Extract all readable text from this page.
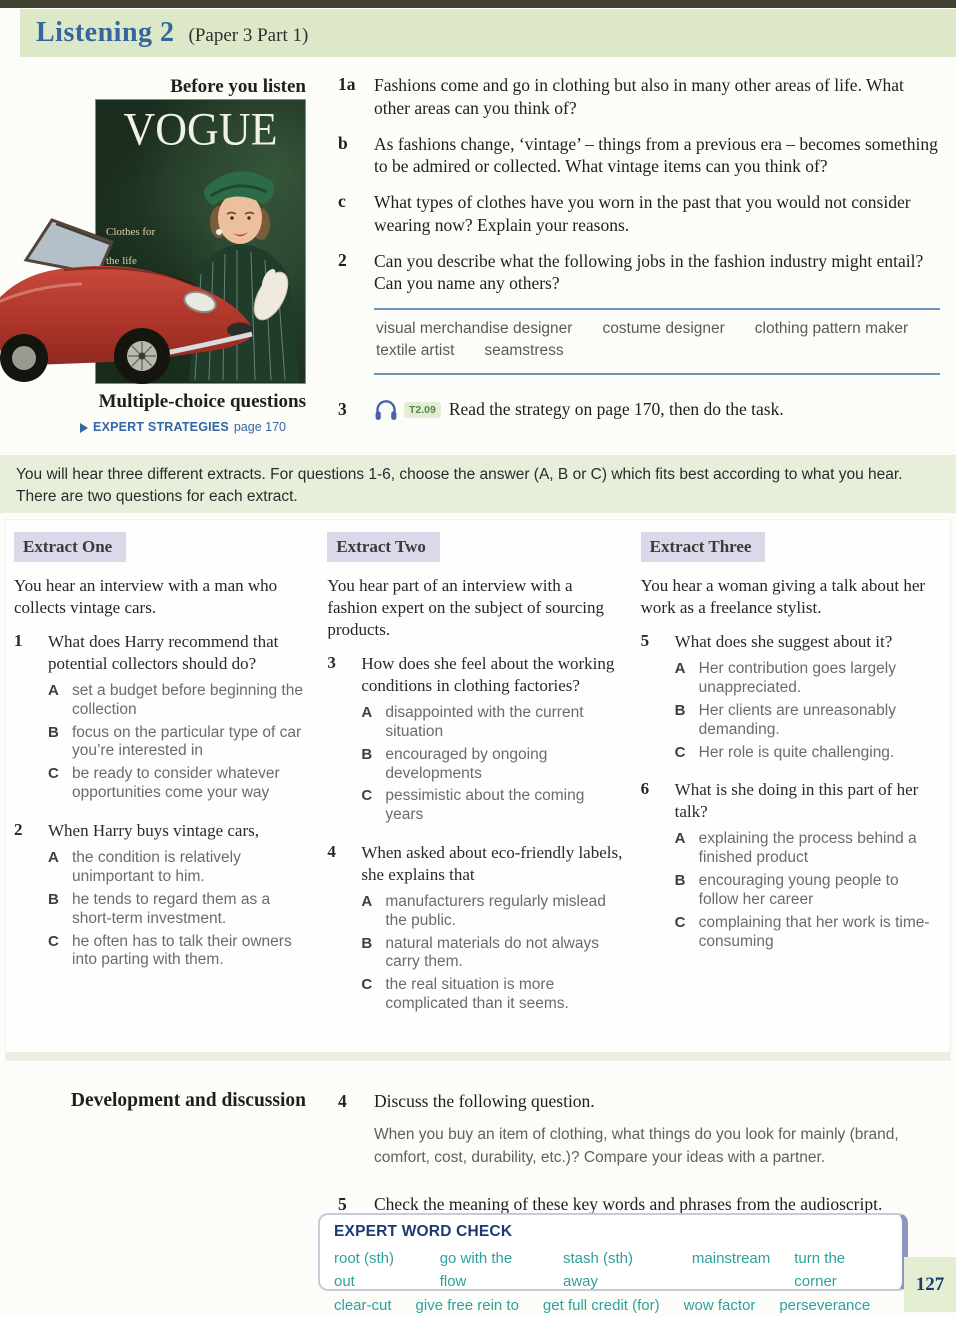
Listening 2 (Paper 3 Part 1)
Before you listen
VOGUE
Clothes for
the life
1a	Fashions come and go in clothing but also in many other areas of life. What other areas can you think of?
b	As fashions change, ‘vintage’ – things from a previous era – becomes something to be admired or collected. What vintage items can you think of?
c	What types of clothes have you worn in the past that you would not consider wearing now? Explain your reasons.
2	Can you describe what the following jobs in the fashion industry might entail? Can you name any others?
visual merchandise designer costume designer clothing pattern maker
textile artist seamstress
3	T2.09 Read the strategy on page 170, then do the task.
Multiple-choice questions
EXPERT STRATEGIES page 170
You will hear three different extracts. For questions 1-6, choose the answer (A, B or C) which fits best according to what you hear. There are two questions for each extract.
Extract One
You hear an interview with a man who collects vintage cars.
1	What does Harry recommend that potential collectors should do?
A set a budget before beginning the collection
B focus on the particular type of car you’re interested in
C be ready to consider whatever opportunities come your way
2	When Harry buys vintage cars,
A the condition is relatively unimportant to him.
B he tends to regard them as a short-term investment.
C he often has to talk their owners into parting with them.
Extract Two
You hear part of an interview with a fashion expert on the subject of sourcing products.
3	How does she feel about the working conditions in clothing factories?
A disappointed with the current situation
B encouraged by ongoing developments
C pessimistic about the coming years
4	When asked about eco-friendly labels, she explains that
A manufacturers regularly mislead the public.
B natural materials do not always carry them.
C the real situation is more complicated than it seems.
Extract Three
You hear a woman giving a talk about her work as a freelance stylist.
5	What does she suggest about it?
A Her contribution goes largely unappreciated.
B Her clients are unreasonably demanding.
C Her role is quite challenging.
6	What is she doing in this part of her talk?
A explaining the process behind a finished product
B encouraging young people to follow her career
C complaining that her work is time-consuming
Development and discussion 4	Discuss the following question.
When you buy an item of clothing, what things do you look for mainly (brand, comfort, cost, durability, etc.)? Compare your ideas with a partner.
5	Check the meaning of these key words and phrases from the audioscript.
EXPERT WORD CHECK
root (sth) out
go with the flow
stash (sth) away
mainstream turn the corner
clear-cut give free rein to get full credit (for) wow factor perseverance
127
